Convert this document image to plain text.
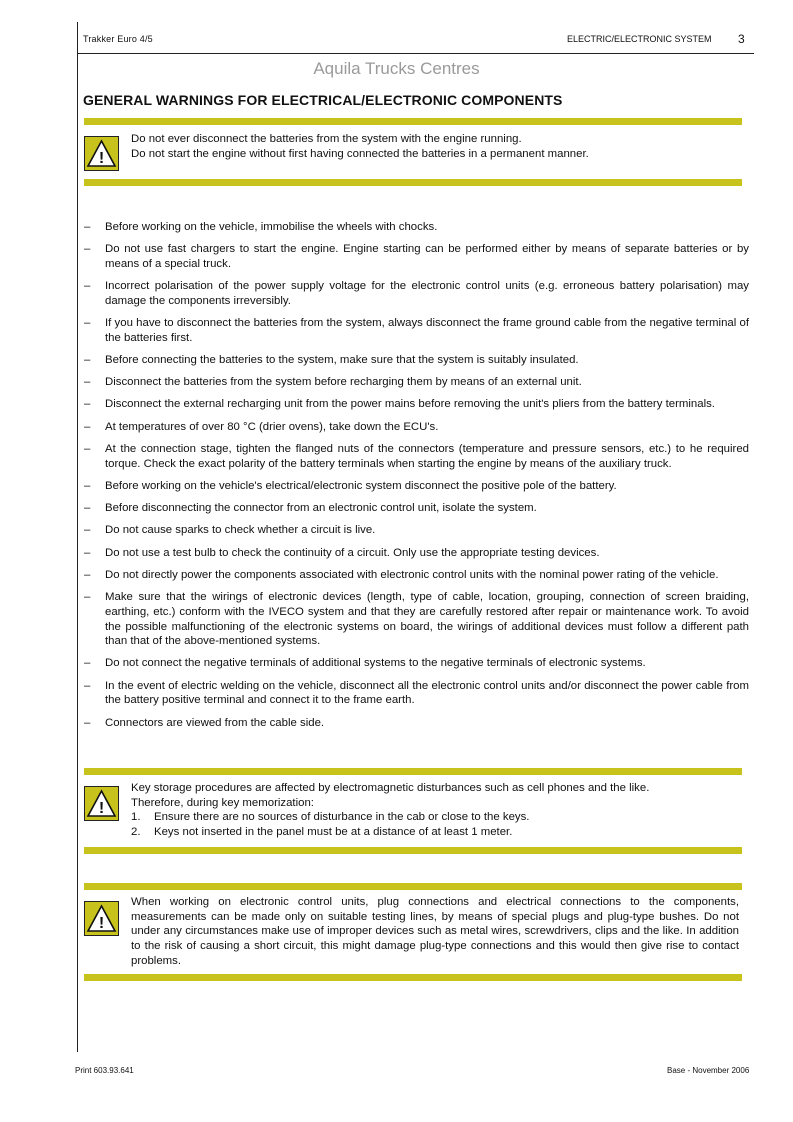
Trakker Euro 4/5	ELECTRIC/ELECTRONIC SYSTEM 3
Aquila Trucks Centres
GENERAL WARNINGS FOR ELECTRICAL/ELECTRONIC COMPONENTS
!

Do not ever disconnect the batteries from the system with the engine running.

Do not start the engine without first having connected the batteries in a permanent manner.

–	Before working on the vehicle, immobilise the wheels with chocks.
–	Do not use fast chargers to start the engine. Engine starting can be performed either by means of separate batteries or by means of a special truck.
–	Incorrect polarisation of the power supply voltage for the electronic control units (e.g. erroneous battery polarisation) may damage the components irreversibly.
–	If you have to disconnect the batteries from the system, always disconnect the frame ground cable from the negative terminal of the batteries first.
–	Before connecting the batteries to the system, make sure that the system is suitably insulated.
–	Disconnect the batteries from the system before recharging them by means of an external unit.
–	Disconnect the external recharging unit from the power mains before removing the unit's pliers from the battery terminals.
–	At temperatures of over 80 °C (drier ovens), take down the ECU's.
–	At the connection stage, tighten the flanged nuts of the connectors (temperature and pressure sensors, etc.) to he required torque. Check the exact polarity of the battery terminals when starting the engine by means of the auxiliary truck.
–	Before working on the vehicle's electrical/electronic system disconnect the positive pole of the battery.
–	Before disconnecting the connector from an electronic control unit, isolate the system.
–	Do not cause sparks to check whether a circuit is live.
–	Do not use a test bulb to check the continuity of a circuit. Only use the appropriate testing devices.
–	Do not directly power the components associated with electronic control units with the nominal power rating of the vehicle.
–	Make sure that the wirings of electronic devices (length, type of cable, location, grouping, connection of screen braiding, earthing, etc.) conform with the IVECO system and that they are carefully restored after repair or maintenance work. To avoid the possible malfunctioning of the electronic systems on board, the wirings of additional devices must follow a different path than that of the above-mentioned systems.
–	Do not connect the negative terminals of additional systems to the negative terminals of electronic systems.
–	In the event of electric welding on the vehicle, disconnect all the electronic control units and/or disconnect the power cable from the battery positive terminal and connect it to the frame earth.
–	Connectors are viewed from the cable side.
!

Key storage procedures are affected by electromagnetic disturbances such as cell phones and the like.

Therefore, during key memorization:

1.	Ensure there are no sources of disturbance in the cab or close to the keys.
2.	Keys not inserted in the panel must be at a distance of at least 1 meter.
!

When working on electronic control units, plug connections and electrical connections to the components, measurements can be made only on suitable testing lines, by means of special plugs and plug-type bushes. Do not under any circumstances make use of improper devices such as metal wires, screwdrivers, clips and the like. In addition to the risk of causing a short circuit, this might damage plug-type connections and this would then give rise to contact problems.

Print 603.93.641	Base - November 2006
